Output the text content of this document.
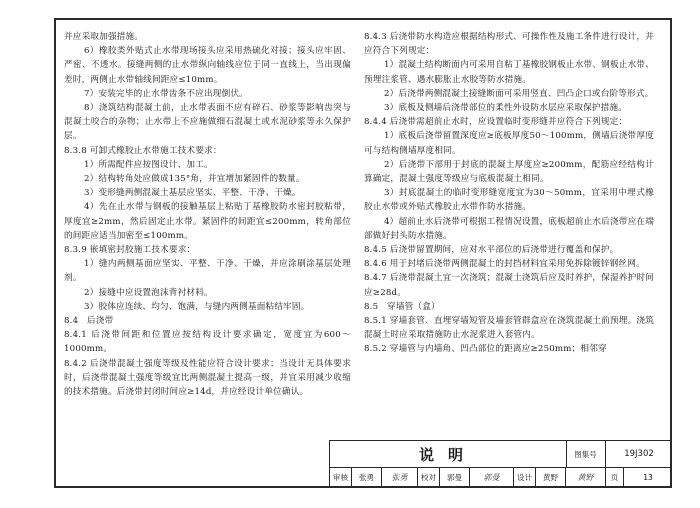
并应采取加强措施。

6）橡胶类外贴式止水带现场接头应采用热硫化对接；接头应牢固、严密、不透水。接缝两侧的止水带纵向轴线应位于同一直线上，当出现偏差时，两侧止水带轴线间距应≤10mm。

7）安装完毕的止水带齿条不应出现倒伏。

8）浇筑结构混凝土前，止水带表面不应有碎石、砂浆等影响齿突与混凝土咬合的杂物；止水带上不应施做细石混凝土或水泥砂浆等永久保护层。

8.3.8 可卸式橡胶止水带施工技术要求：

1）所需配件应按图设计、加工。

2）结构转角处应做成135°角，并宜增加紧固件的数量。

3）变形缝两侧混凝土基层应坚实、平整、干净、干燥。

4）先在止水带与钢板的接触基层上粘贴丁基橡胶防水密封胶粘带，厚度宜≥2mm，然后固定止水带。紧固件的间距宜≤200mm，转角部位的间距应适当加密至≤100mm。

8.3.9 嵌填密封胶施工技术要求：

1）缝内两侧基面应坚实、平整、干净、干燥，并应涂刷涂基层处理剂。

2）接缝中应设置泡沫背衬材料。

3）胶体应连续、均匀、饱满，与缝内两侧基面粘结牢固。

8.4　后浇带

8.4.1 后浇带间距和位置应按结构设计要求确定，宽度宜为600～1000mm。

8.4.2 后浇带混凝土强度等级及性能应符合设计要求；当设计无具体要求时，后浇带混凝土强度等级宜比两侧混凝土提高一级，并宜采用减少收缩的技术措施。后浇带封闭时间应≥14d，并应经设计单位确认。

8.4.3 后浇带防水构造应根据结构形式、可操作性及施工条件进行设计，并应符合下列规定：

1）混凝土结构断面内可采用自粘丁基橡胶钢板止水带、钢板止水带、预埋注浆管、遇水膨胀止水胶等防水措施。

2）后浇带两侧混凝土接缝断面可采用竖直、凹凸企口或台阶等形式。

3）底板及侧墙后浇带部位的柔性外设防水层应采取保护措施。

8.4.4 后浇带需超前止水时，应设置临时变形缝并应符合下列规定：

1）底板后浇带留置深度应≥底板厚度50～100mm，侧墙后浇带厚度可与结构侧墙厚度相同。

2）后浇带下部用于封底的混凝土厚度应≥200mm，配筋应经结构计算确定，混凝土强度等级应与底板混凝土相同。

3）封底混凝土的临时变形缝宽度宜为30～50mm，宜采用中埋式橡胶止水带或外贴式橡胶止水带作防水措施。

4）超前止水后浇带可根据工程情况设置，底板超前止水后浇带应在端部做好封头防水措施。

8.4.5 后浇带留置期间，应对水平部位的后浇带进行覆盖和保护。

8.4.6 用于封堵后浇带两侧混凝土的封挡材料宜采用免拆除镀锌钢丝网。

8.4.7 后浇带混凝土宜一次浇筑；混凝土浇筑后应及时养护，保湿养护时间应≥28d。

8.5　穿墙管（盒）

8.5.1 穿墙套管、直埋穿墙短管及墙套管群盒应在浇筑混凝土前预埋。浇筑混凝土时应采取措施防止水泥浆进入套管内。

8.5.2 穿墙管与内墙角、凹凸部位的距离应≥250mm；相邻穿

说明	图集号	19J302
审核	张勇	张勇	校对	郭曼	郭曼	设计	黄野	黄野	页	13
